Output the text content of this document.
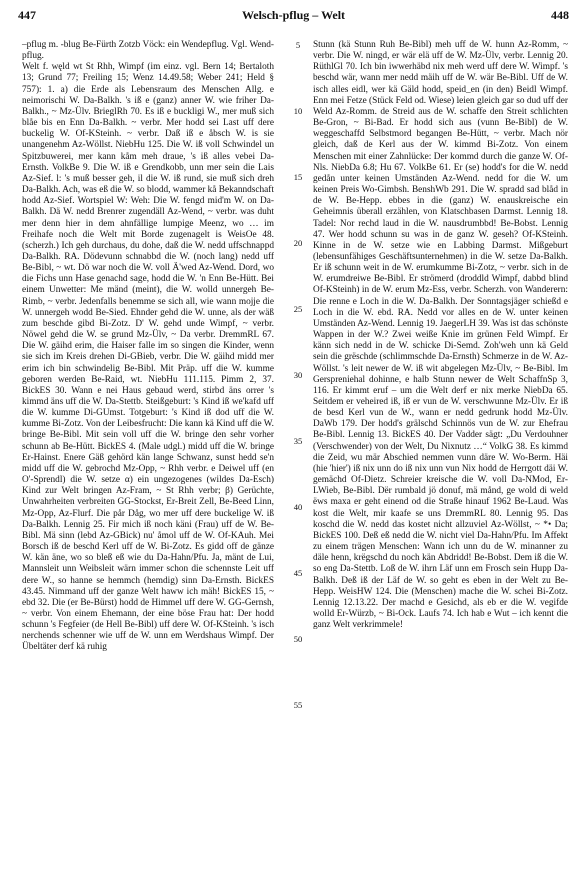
447	Welsch-pflug – Welt	448

–pflug m. -blug Be-Fürth Zotzb Vöck: ein Wendepflug. Vgl. Wend-pflug.

Welt f. węld wt St Rhh, Wimpf (im einz. vgl. Bern 14; Bertaloth 13; Grund 77; Freiling 15; Wenz 14.49.58; Weber 241; Held § 757): 1. a) die Erde als Lebensraum des Menschen Allg. e neimorischi W. Da-Balkh. 's iß e (ganz) anner W. wie friher Da-Balkh., ~ Mz-Ülv. BrieglRh 70. Es iß e buckligi W., mer muß sich blåe bis en Enn Da-Balkh. ~ verbr. Mer hodd sei Last uff dere buckelig W. Of-KSteinh. ~ verbr. Daß iß e åbsch W. is sie unangenehm Az-Wöllst. NiebHu 125. Die W. iß voll Schwindel un Spitzbuwerei, mer kann kåm meh draue, 's iß alles vebei Da-Ernsth. VolkBe 9. Die W. iß e Grendkobb, unn mer sein die Lais Az-Sief. l: 's muß besser geh, il die W. iß rund, sie muß sich dreh Da-Balkh. Ach, was eß die W. so blodd, wammer kå Bekanndschaft hodd Az-Sief. Wortspiel W: Weh: Die W. fengd mid'm W. on Da-Balkh. Dä W. nedd Brenrer zugendäll Az-Wend, ~ verbr. was duht mer denn hier in dem ahnfällige lumpige Meenz, wo … im Freihafe noch die Welt mit Borde zugenagelt is WeisOe 48. (scherzh.) Ich geh durchaus, du dohe, daß die W. nedd uffschnappd Da-Balkh. RA. Dödevunn schnabbd die W. (noch lang) nedd uff Be-Bibl, ~ wt. Dö war noch die W. voll Ä'wed Az-Wend. Dord, wo die Fichs unn Hase genachd sage, hodd die W. 'n Enn Be-Hütt. Bei einem Unwetter: Me mänd (meint), die W. wolld unnergeh Be-Rimb, ~ verbr. Jedenfalls benemme se sich all, wie wann mojje die W. unnergeh wodd Be-Sied. Ehnder gehd die W. unne, als der wäß zum beschde gibd Bi-Zotz. D' W. gehd unde Wimpf, ~ verbr. Nöwel gehd die W. se grund Mz-Ülv, ~ Da verbr. DremmRL 67. Die W. gäihd erim, die Haiser falle im so singen die Kinder, wenn sie sich im Kreis drehen Di-GBieb, verbr. Die W. gäihd midd mer erim ich bin schwindelig Be-Bibl. Mit Präp. uff die W. kumme geboren werden Be-Raid, wt. NiebHu 111.115. Pimm 2, 37. BickES 30. Wann e nei Haus gebaud werd, stirbd äns orrer 's kimmd äns uff die W. Da-Stettb. Steißgeburt: 's Kind iß we'kafd uff die W. kumme Di-GUmst. Totgeburt: 's Kind iß dod uff die W. kumme Bi-Zotz. Von der Leibesfrucht: Die kann kä Kind uff die W. bringe Be-Bibl. Mit sein voll uff die W. bringe den sehr vorher schunn ab Be-Hütt. BickES 4. (Male udgl.) midd uff die W. bringe Er-Hainst. Enere Gäß gehörd kän lange Schwanz, sunst hedd se'n midd uff die W. gebrochd Mz-Opp, ~ Rhh verbr. e Deiwel uff (en O'-Sprendl) die W. setze α) ein ungezogenes (wildes Da-Esch) Kind zur Welt bringen Az-Fram, ~ St Rhh verbr; β) Gerüchte, Unwahrheiten verbreiten GG-Stockst, Er-Breit Zell, Be-Beed Linn, Mz-Opp, Az-Flurf. Die pår Dåg, wo mer uff dere buckelige W. iß Da-Balkh. Lennig 25. Fir mich iß noch käni (Frau) uff de W. Be-Bibl. Mä sinn (lebd Az-GBick) nu' åmol uff de W. Of-KAuh. Mei Borsch iß de beschd Kerl uff de W. Bi-Zotz. Es gidd off de gänze W. kän äne, wo so bleß eß wie du Da-Hahn/Pfu. Ja, mänt de Lui, Mannsleit unn Weibsleit wärn immer schon die schennste Leit uff dere W., so hanne se hemmch (hemdig) sinn Da-Ernsth. BickES 43.45. Nimmand uff der ganze Welt haww ich mäh! BickES 15, ~ ebd 32. Die (er Be-Bürst) hodd de Himmel uff dere W. GG-Gernsh, ~ verbr. Von einem Ehemann, der eine böse Frau hat: Der hodd schunn 's Fegfeier (de Hell Be-Bibl) uff dere W. Of-KSteinh. 's isch nerchends schenner wie uff de W. unn em Werdshaus Wimpf. Der Übeltäter derf kä ruhig

5
10
15
20
25
30
35
40
45
50
55

Stunn (kä Stunn Ruh Be-Bibl) meh uff de W. hunn Az-Romm, ~ verbr. Die W. ningd, er wär elä uff de W. Mz-Ülv, verbr. Lennig 20. RüthlGl 70. Ich bin iwwerhäbd nix meh werd uff dere W. Wimpf. 's beschd wär, wann mer nedd mäih uff de W. wär Be-Bibl. Uff de W. isch alles eidl, wer kä Gäld hodd, speid_en (in den) Beidl Wimpf. Enn mei Fetze (Stück Feld od. Wiese) leien gleich gar so dud uff der Weld Az-Romm. de Streid aus de W. schaffe den Streit schlichten Be-Gron, ~ Bi-Bad. Er hodd sich aus (vunn Be-Bibl) de W. weggeschaffd Selbstmord begangen Be-Hütt, ~ verbr. Mach nör gleich, daß de Kerl aus der W. kimmd Bi-Zotz. Von einem Menschen mit einer Zahnlücke: Der kommd durch die ganze W. Of-Nls. NiebDa 6.8; Hu 67. VolkBe 61. Er (se) hodd's for die W. nedd gedån unter keinen Umständen Az-Wend. nedd for die W. um keinen Preis Wo-Gimbsh. BenshWb 291. Die W. spradd sad blåd in de W. Be-Hepp. ebbes in die (ganz) W. enauskreische ein Geheimnis überall erzählen, von Klatschbasen Darmst. Lennig 18. Tadel: Nor rechd laud in die W. nausdrumbbd! Be-Bobst. Lennig 47. Wer hodd schunn su was in de ganz W. geseh? Of-KSteinh. Kinne in de W. setze wie en Labbing Darmst. Mißgeburt (lebensunfähiges Geschäftsunternehmen) in die W. setze Da-Balkh. Er iß schunn weit in de W. erumkumme Bi-Zotz, ~ verbr. sich in de W. erumdreiwe Be-Bibl. Er strömerd (droddld Wimpf, dabbd blind Of-KSteinh) in de W. erum Mz-Ess, verbr. Scherzh. von Wanderern: Die renne e Loch in die W. Da-Balkh. Der Sonntagsjäger schießd e Loch in die W. ebd. RA. Nedd vor alles en de W. unter keinen Umständen Az-Wend. Lennig 19. JaegerLH 39. Was ist das schönste Wappen in der W.? Zwei weiße Knie im grünen Feld Wimpf. Er känn sich nedd in de W. schicke Di-Semd. Zoh'weh unn kä Geld sein die grëschde (schlimmschde Da-Ernsth) Schmerze in de W. Az-Wöllst. 's leit newer de W. iß wit abgelegen Mz-Ülv, ~ Be-Bibl. Im Gerspreniehal dohinne, e halb Stunn newer de Welt SchaffnSp 3, 116. Er kimmt eruf – um die Welt derf er nix merke NiebDa 65. Seitdem er veheired iß, iß er vun de W. verschwunne Mz-Ülv. Er iß de besd Kerl vun de W., wann er nedd gedrunk hodd Mz-Ülv. DaWb 179. Der hodd's grälschd Schinnös vun de W. zur Ehefrau Be-Bibl. Lennig 13. BickES 40. Der Vadder sägt: „Du Verdouhner (Verschwender) von der Welt, Du Nixnutz …“ VolkG 38. Es kimmd die Zeid, wu mär Abschied nemmen vunn däre W. Wo-Berm. Häi (hie 'hier') iß nix unn do iß nix unn vun Nix hodd de Herrgott däi W. gemächd Of-Dietz. Schreier kreische die W. voll Da-NMod, Er-LWieb, Be-Bibl. Dër rumbald jö donuf, mä månd, ge wold di weld ëws maxa er geht einend od die Straße hinauf 1962 Be-Laud. Was kost die Welt, mir kaafe se uns DremmRL 80. Lennig 95. Das koschd die W. nedd das kostet nicht allzuviel Az-Wöllst, ~ *• Da; BickES 100. Deß eß nedd die W. nicht viel Da-Hahn/Pfu. Im Affekt zu einem trägen Menschen: Wann ich unn du de W. minanner zu däle henn, krëgschd du noch kän Abdridd! Be-Bobst. Dem iß die W. so eng Da-Stettb. Loß de W. ihrn Läf unn em Frosch sein Hupp Da-Balkh. Deß iß der Läf de W. so geht es eben in der Welt zu Be-Hepp. WeisHW 124. Die (Menschen) mache die W. schei Bi-Zotz. Lennig 12.13.22. Der machd e Gesichd, als eb er die W. vegifde wolld Er-Würzb, ~ Bi-Ock. Laufs 74. Ich hab e Wut – ich kennt die ganz Welt verkrimmele!
